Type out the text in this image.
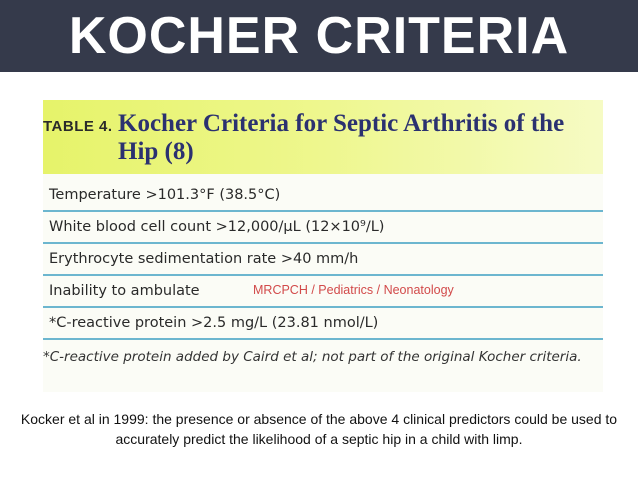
KOCHER CRITERIA
TABLE 4. Kocher Criteria for Septic Arthritis of the Hip (8)
Temperature >101.3°F (38.5°C)
White blood cell count >12,000/μL (12×10⁹/L)
Erythrocyte sedimentation rate >40 mm/h
Inability to ambulate	MRCPCH / Pediatrics / Neonatology
*C-reactive protein >2.5 mg/L (23.81 nmol/L)
*C-reactive protein added by Caird et al; not part of the original Kocher criteria.
Kocker et al in 1999: the presence or absence of the above 4 clinical predictors could be used to accurately predict the likelihood of a septic hip in a child with limp.
